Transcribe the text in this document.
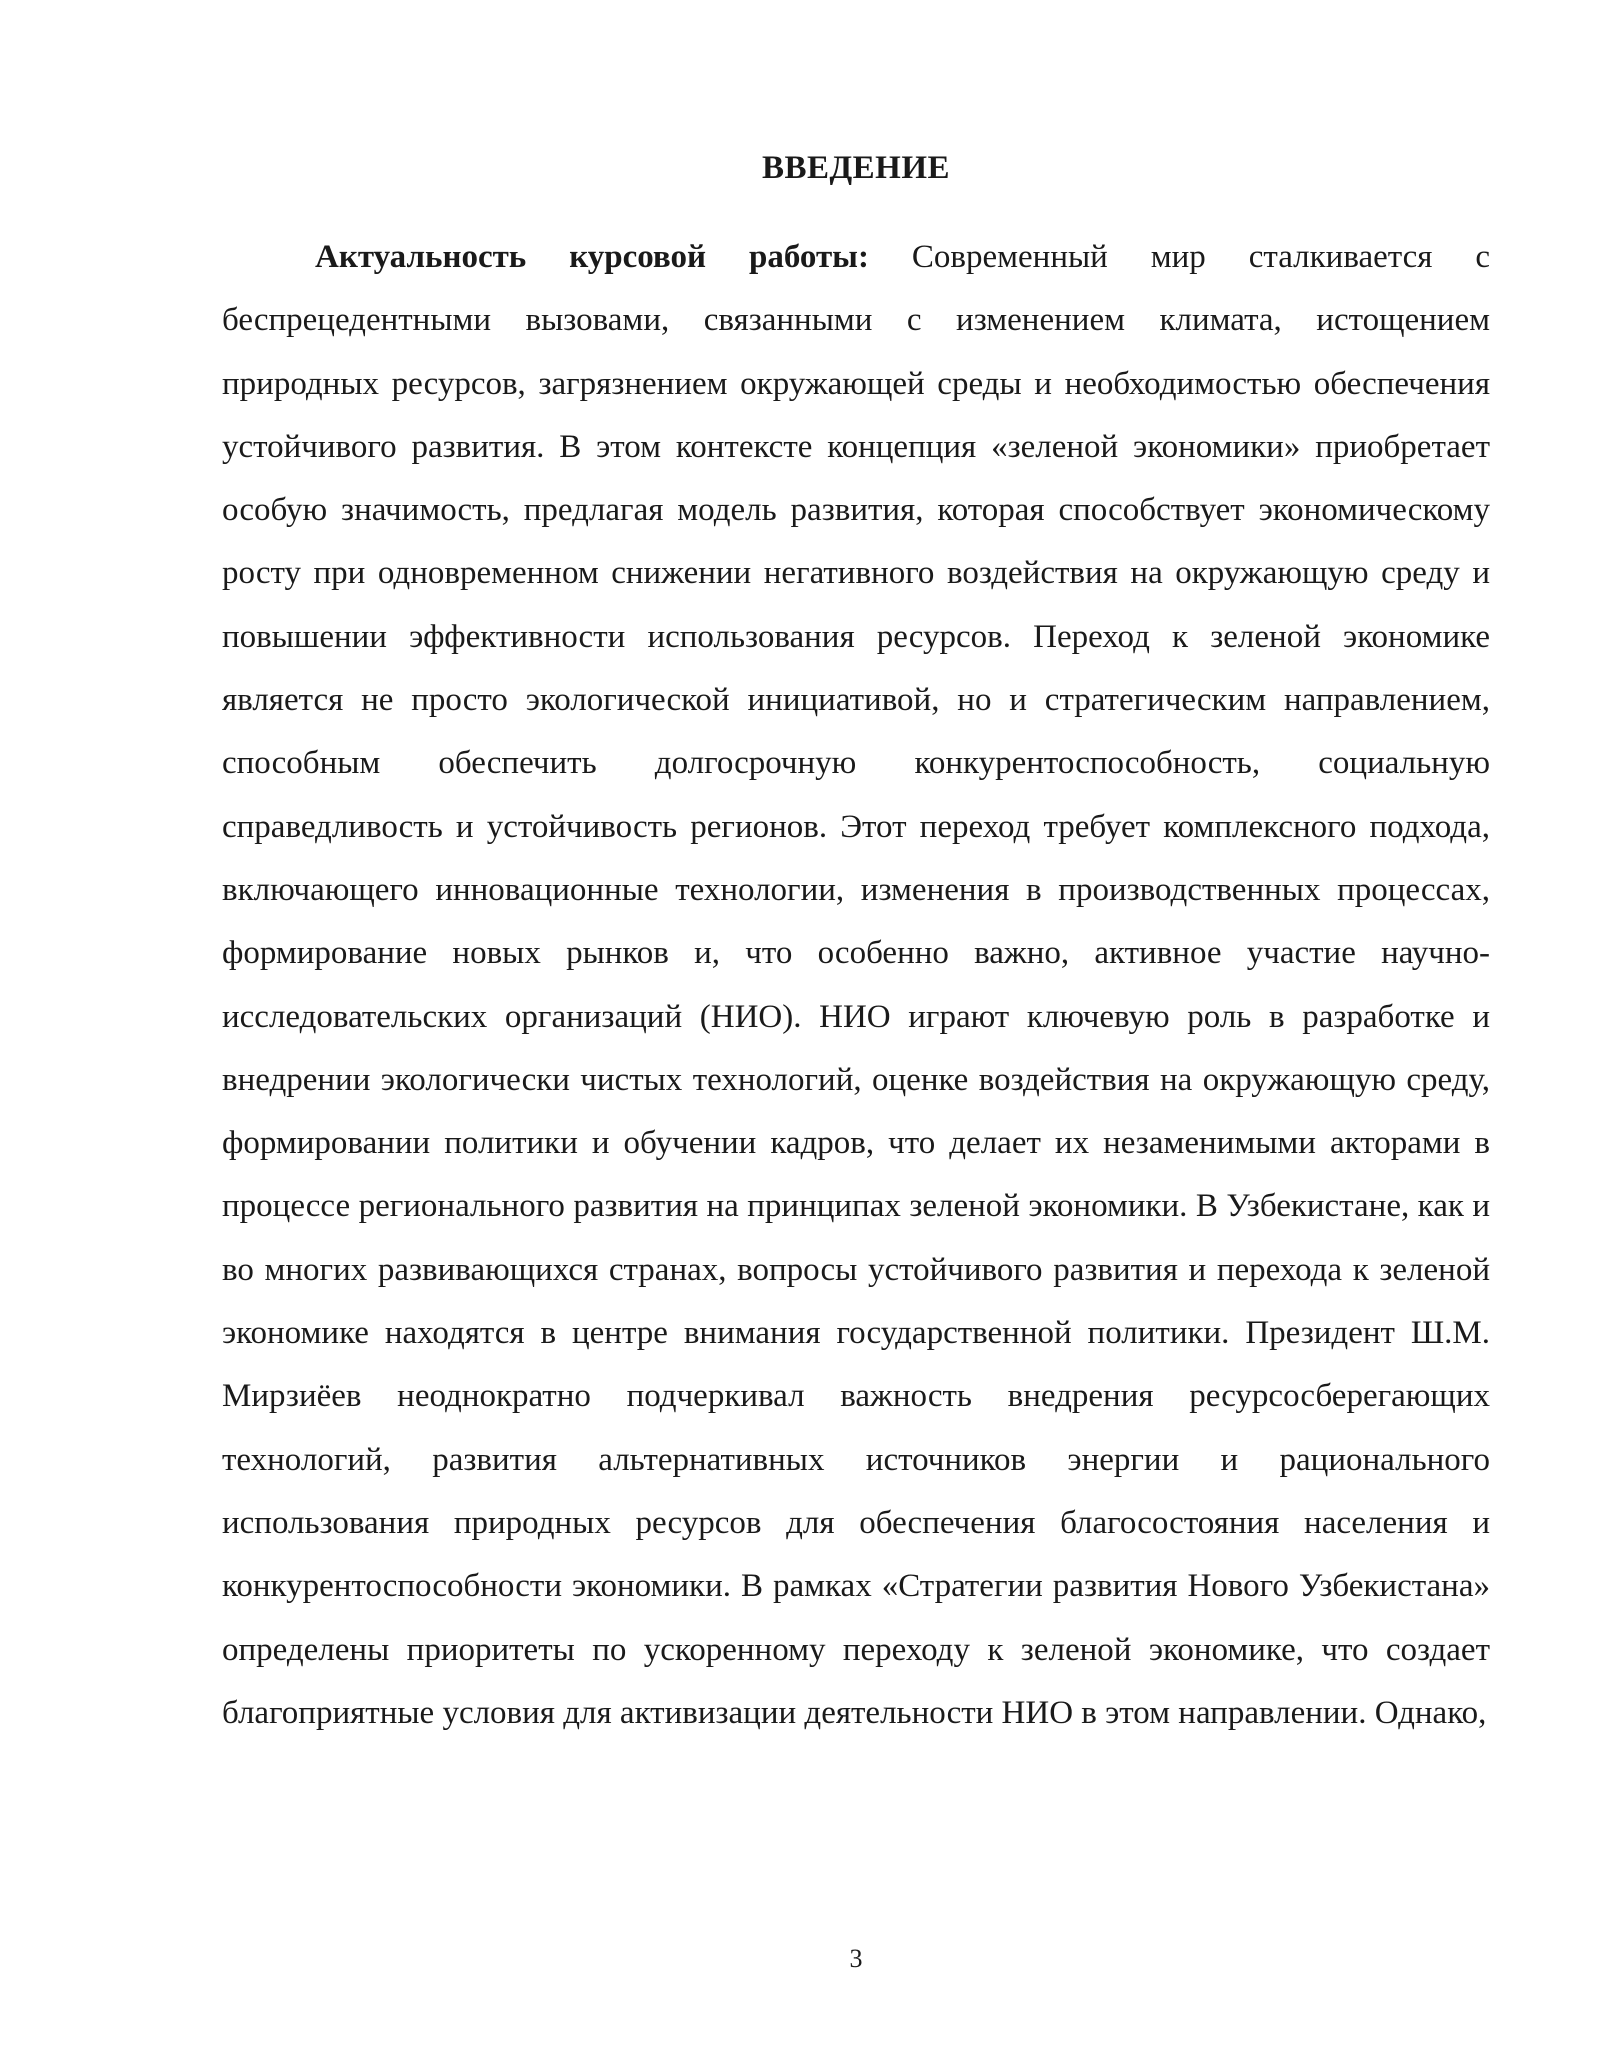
ВВЕДЕНИЕ

Актуальность курсовой работы: Современный мир сталкивается с беспрецедентными вызовами, связанными с изменением климата, истощением природных ресурсов, загрязнением окружающей среды и необходимостью обеспечения устойчивого развития. В этом контексте концепция «зеленой экономики» приобретает особую значимость, предлагая модель развития, которая способствует экономическому росту при одновременном снижении негативного воздействия на окружающую среду и повышении эффективности использования ресурсов. Переход к зеленой экономике является не просто экологической инициативой, но и стратегическим направлением, способным обеспечить долгосрочную конкурентоспособность, социальную справедливость и устойчивость регионов. Этот переход требует комплексного подхода, включающего инновационные технологии, изменения в производственных процессах, формирование новых рынков и, что особенно важно, активное участие научно-исследовательских организаций (НИО). НИО играют ключевую роль в разработке и внедрении экологически чистых технологий, оценке воздействия на окружающую среду, формировании политики и обучении кадров, что делает их незаменимыми акторами в процессе регионального развития на принципах зеленой экономики. В Узбекистане, как и во многих развивающихся странах, вопросы устойчивого развития и перехода к зеленой экономике находятся в центре внимания государственной политики. Президент Ш.М. Мирзиёев неоднократно подчеркивал важность внедрения ресурсосберегающих технологий, развития альтернативных источников энергии и рационального использования природных ресурсов для обеспечения благосостояния населения и конкурентоспособности экономики. В рамках «Стратегии развития Нового Узбекистана» определены приоритеты по ускоренному переходу к зеленой экономике, что создает благоприятные условия для активизации деятельности НИО в этом направлении. Однако,

3
